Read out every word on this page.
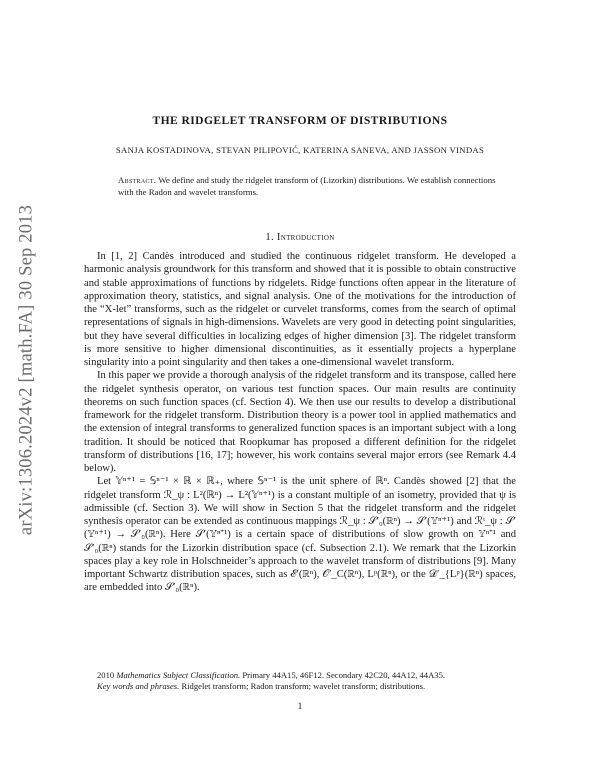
arXiv:1306.2024v2 [math.FA] 30 Sep 2013
THE RIDGELET TRANSFORM OF DISTRIBUTIONS
SANJA KOSTADINOVA, STEVAN PILIPOVIĆ, KATERINA SANEVA, AND JASSON VINDAS
Abstract. We define and study the ridgelet transform of (Lizorkin) distributions. We establish connections with the Radon and wavelet transforms.
1. Introduction

In [1, 2] Candès introduced and studied the continuous ridgelet transform. He developed a harmonic analysis groundwork for this transform and showed that it is possible to obtain constructive and stable approximations of functions by ridgelets. Ridge functions often appear in the literature of approximation theory, statistics, and signal analysis. One of the motivations for the introduction of the “X-let” transforms, such as the ridgelet or curvelet transforms, comes from the search of optimal representations of signals in high-dimensions. Wavelets are very good in detecting point singularities, but they have several difficulties in localizing edges of higher dimension [3]. The ridgelet transform is more sensitive to higher dimensional discontinuities, as it essentially projects a hyperplane singularity into a point singularity and then takes a one-dimensional wavelet transform.

In this paper we provide a thorough analysis of the ridgelet transform and its transpose, called here the ridgelet synthesis operator, on various test function spaces. Our main results are continuity theorems on such function spaces (cf. Section 4). We then use our results to develop a distributional framework for the ridgelet transform. Distribution theory is a power tool in applied mathematics and the extension of integral transforms to generalized function spaces is an important subject with a long tradition. It should be noticed that Roopkumar has proposed a different definition for the ridgelet transform of distributions [16, 17]; however, his work contains several major errors (see Remark 4.4 below).

Let 𝕐ⁿ⁺¹ = 𝕊ⁿ⁻¹ × ℝ × ℝ₊, where 𝕊ⁿ⁻¹ is the unit sphere of ℝⁿ. Candès showed [2] that the ridgelet transform ℛ_ψ : L²(ℝⁿ) → L²(𝕐ⁿ⁺¹) is a constant multiple of an isometry, provided that ψ is admissible (cf. Section 3). We will show in Section 5 that the ridgelet transform and the ridgelet synthesis operator can be extended as continuous mappings ℛ_ψ : 𝒮′₀(ℝⁿ) → 𝒮′(𝕐ⁿ⁺¹) and ℛᵗ_ψ : 𝒮′(𝕐ⁿ⁺¹) → 𝒮′₀(ℝⁿ). Here 𝒮′(𝕐ⁿ⁺¹) is a certain space of distributions of slow growth on 𝕐ⁿ⁺¹ and 𝒮′₀(ℝⁿ) stands for the Lizorkin distribution space (cf. Subsection 2.1). We remark that the Lizorkin spaces play a key role in Holschneider’s approach to the wavelet transform of distributions [9]. Many important Schwartz distribution spaces, such as ℰ′(ℝⁿ), 𝒪′_C(ℝⁿ), Lᵖ(ℝⁿ), or the 𝒟′_{Lᵖ}(ℝⁿ) spaces, are embedded into 𝒮′₀(ℝⁿ).

2010 Mathematics Subject Classification. Primary 44A15, 46F12. Secondary 42C20, 44A12, 44A35.
Key words and phrases. Ridgelet transform; Radon transform; wavelet transform; distributions.
1
